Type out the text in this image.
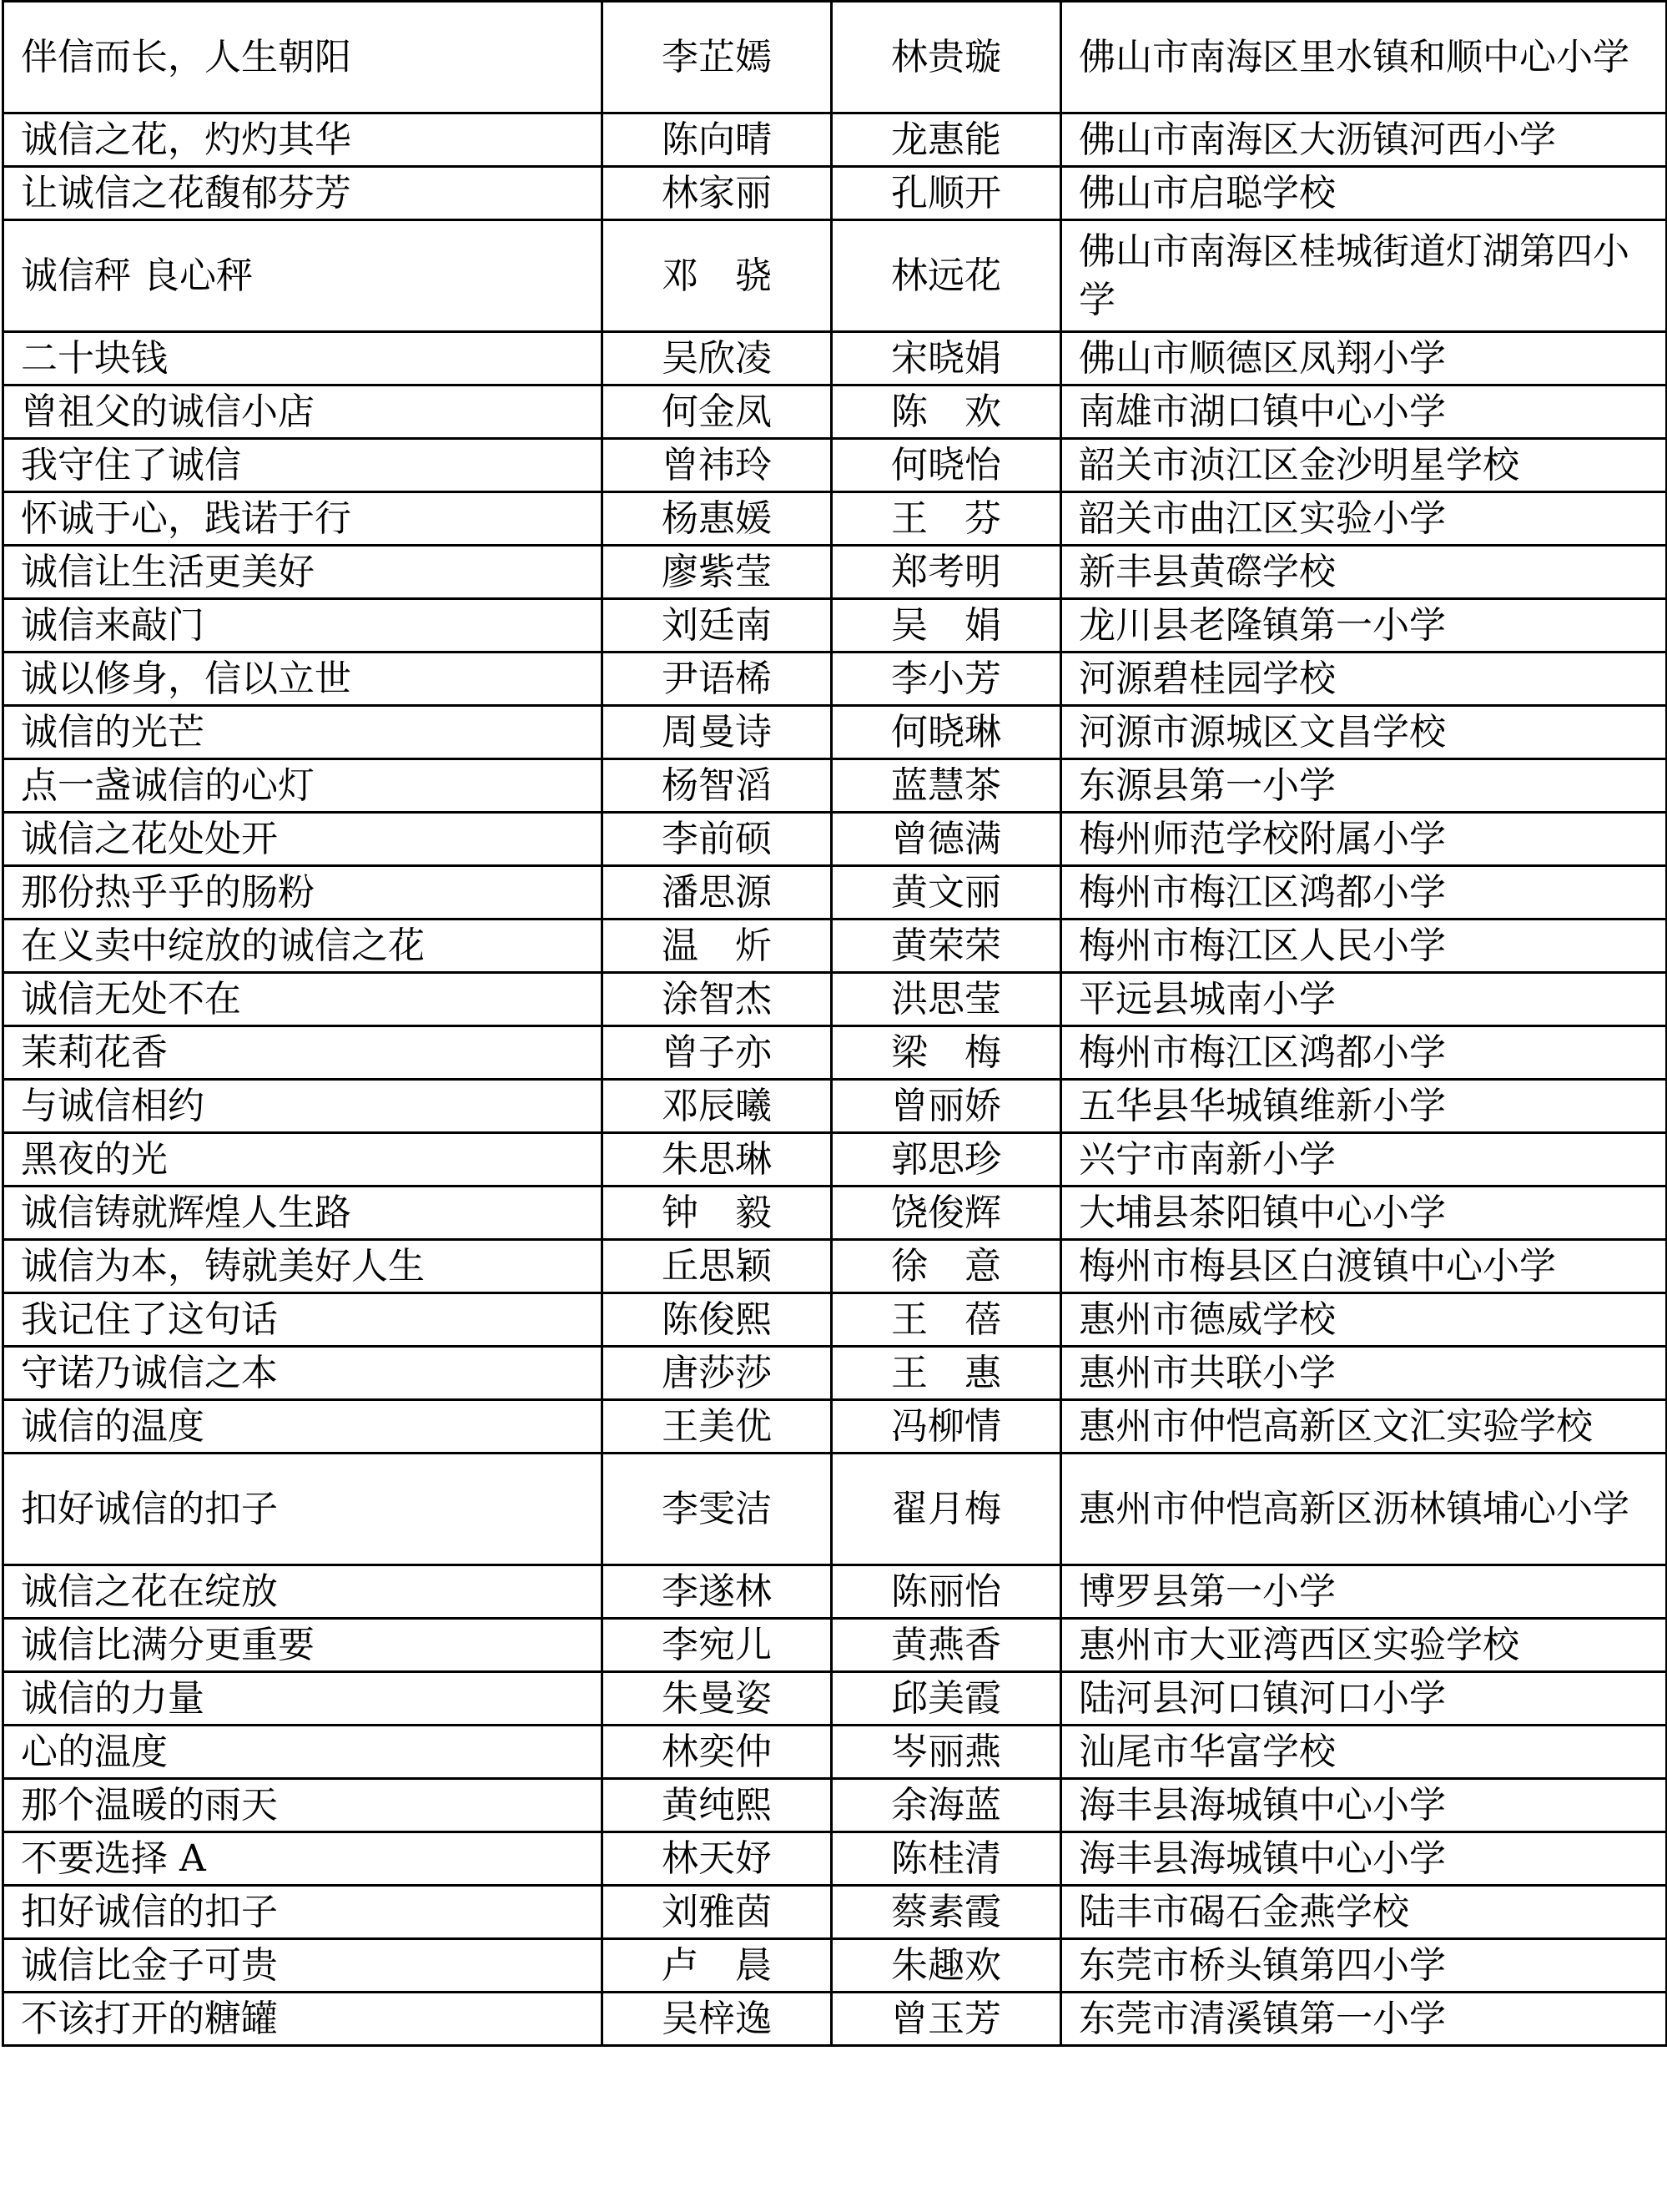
伴信而长，人生朝阳	李芷嫣	林贵璇	佛山市南海区里水镇和顺中心小学
诚信之花，灼灼其华	陈向晴	龙惠能	佛山市南海区大沥镇河西小学
让诚信之花馥郁芬芳	林家丽	孔顺开	佛山市启聪学校
诚信秤 良心秤	邓　骁	林远花	佛山市南海区桂城街道灯湖第四小学
二十块钱	吴欣凌	宋晓娟	佛山市顺德区凤翔小学
曾祖父的诚信小店	何金凤	陈　欢	南雄市湖口镇中心小学
我守住了诚信	曾祎玲	何晓怡	韶关市浈江区金沙明星学校
怀诚于心，践诺于行	杨惠媛	王　芬	韶关市曲江区实验小学
诚信让生活更美好	廖紫莹	郑考明	新丰县黄磜学校
诚信来敲门	刘廷南	吴　娟	龙川县老隆镇第一小学
诚以修身，信以立世	尹语桸	李小芳	河源碧桂园学校
诚信的光芒	周曼诗	何晓琳	河源市源城区文昌学校
点一盏诚信的心灯	杨智滔	蓝慧茶	东源县第一小学
诚信之花处处开	李前硕	曾德满	梅州师范学校附属小学
那份热乎乎的肠粉	潘思源	黄文丽	梅州市梅江区鸿都小学
在义卖中绽放的诚信之花	温　炘	黄荣荣	梅州市梅江区人民小学
诚信无处不在	涂智杰	洪思莹	平远县城南小学
茉莉花香	曾子亦	梁　梅	梅州市梅江区鸿都小学
与诚信相约	邓辰曦	曾丽娇	五华县华城镇维新小学
黑夜的光	朱思琳	郭思珍	兴宁市南新小学
诚信铸就辉煌人生路	钟　毅	饶俊辉	大埔县茶阳镇中心小学
诚信为本，铸就美好人生	丘思颖	徐　意	梅州市梅县区白渡镇中心小学
我记住了这句话	陈俊熙	王　蓓	惠州市德威学校
守诺乃诚信之本	唐莎莎	王　惠	惠州市共联小学
诚信的温度	王美优	冯柳情	惠州市仲恺高新区文汇实验学校
扣好诚信的扣子	李雯洁	翟月梅	惠州市仲恺高新区沥林镇埔心小学
诚信之花在绽放	李遂林	陈丽怡	博罗县第一小学
诚信比满分更重要	李宛儿	黄燕香	惠州市大亚湾西区实验学校
诚信的力量	朱曼姿	邱美霞	陆河县河口镇河口小学
心的温度	林奕仲	岑丽燕	汕尾市华富学校
那个温暖的雨天	黄纯熙	余海蓝	海丰县海城镇中心小学
不要选择 A	林天妤	陈桂清	海丰县海城镇中心小学
扣好诚信的扣子	刘雅茵	蔡素霞	陆丰市碣石金燕学校
诚信比金子可贵	卢　晨	朱趣欢	东莞市桥头镇第四小学
不该打开的糖罐	吴梓逸	曾玉芳	东莞市清溪镇第一小学
